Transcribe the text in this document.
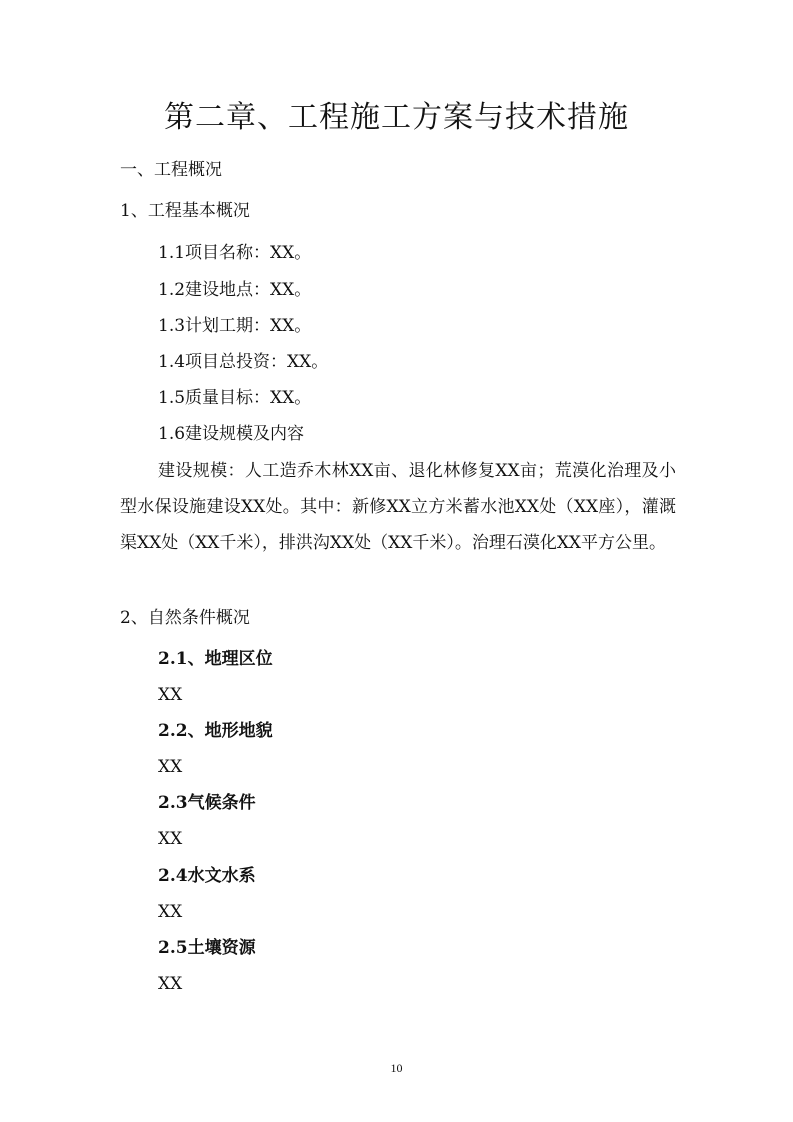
第二章、工程施工方案与技术措施
一、工程概况
1、工程基本概况
1.1项目名称：XX。
1.2建设地点：XX。
1.3计划工期：XX。
1.4项目总投资：XX。
1.5质量目标：XX。
1.6建设规模及内容

建设规模：人工造乔木林XX亩、退化林修复XX亩；荒漠化治理及小型水保设施建设XX处。其中：新修XX立方米蓄水池XX处（XX座），灌溉渠XX处（XX千米），排洪沟XX处（XX千米）。治理石漠化XX平方公里。

2、自然条件概况
2.1、地理区位
XX
2.2、地形地貌
XX
2.3气候条件
XX
2.4水文水系
XX
2.5土壤资源
XX
10
